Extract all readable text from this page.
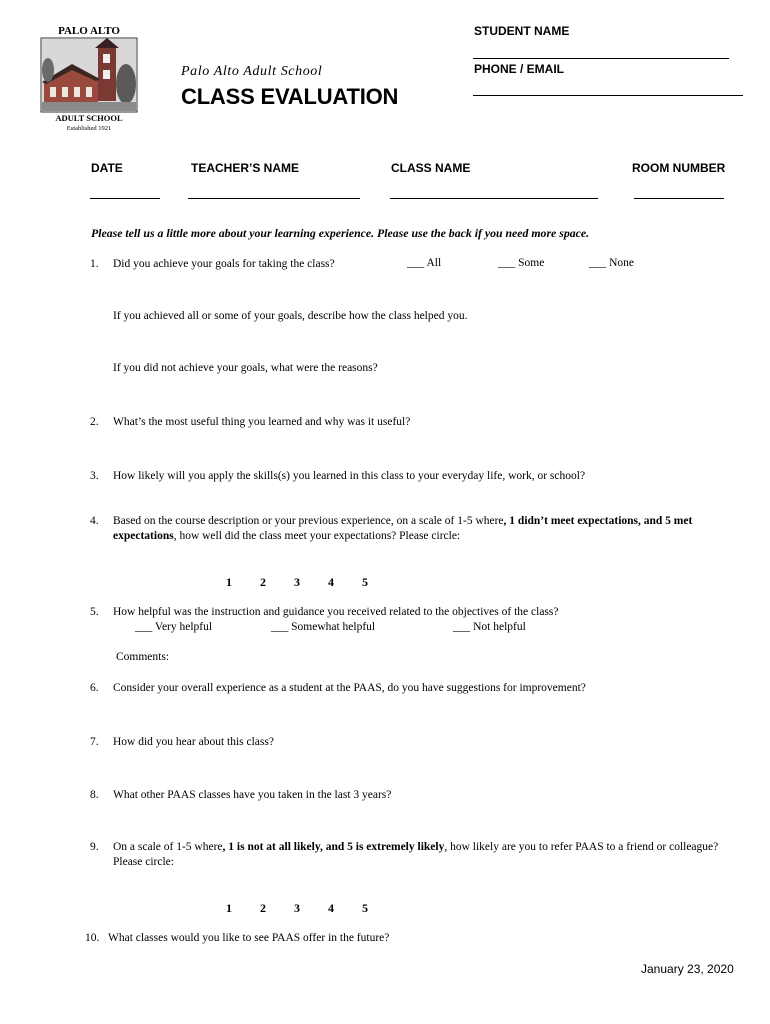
PALO ALTO
ADULT SCHOOL
Established 1921
Palo Alto Adult School
CLASS EVALUATION
STUDENT NAME
PHONE / EMAIL
DATE	TEACHER’S NAME	CLASS NAME	ROOM NUMBER
Please tell us a little more about your learning experience. Please use the back if you need more space.
1. Did you achieve your goals for taking the class?	___ All	___ Some	___ None
If you achieved all or some of your goals, describe how the class helped you.
If you did not achieve your goals, what were the reasons?
2. What’s the most useful thing you learned and why was it useful?
3. How likely will you apply the skills(s) you learned in this class to your everyday life, work, or school?
4. Based on the course description or your previous experience, on a scale of 1-5 where, 1 didn’t meet expectations, and 5 met expectations, how well did the class meet your expectations? Please circle:
1 2 3 4 5
5. How helpful was the instruction and guidance you received related to the objectives of the class?
___ Very helpful	___ Somewhat helpful	___ Not helpful
Comments:
6. Consider your overall experience as a student at the PAAS, do you have suggestions for improvement?
7. How did you hear about this class?
8. What other PAAS classes have you taken in the last 3 years?
9. On a scale of 1-5 where, 1 is not at all likely, and 5 is extremely likely, how likely are you to refer PAAS to a friend or colleague? Please circle:
1 2 3 4 5
10. What classes would you like to see PAAS offer in the future?
January 23, 2020
